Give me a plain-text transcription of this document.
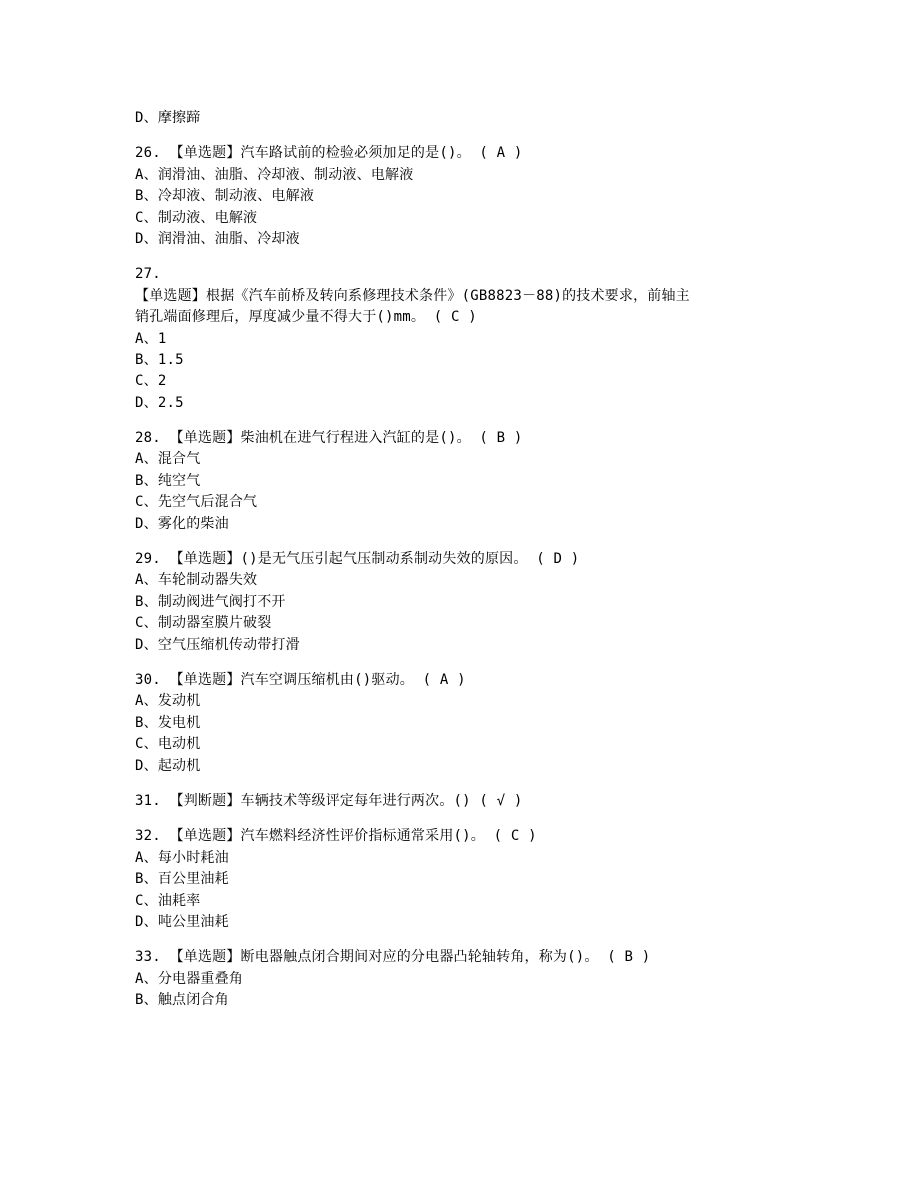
D、摩擦蹄
26. 【单选题】汽车路试前的检验必须加足的是()。 ( A )
A、润滑油、油脂、冷却液、制动液、电解液
B、冷却液、制动液、电解液
C、制动液、电解液
D、润滑油、油脂、冷却液
27.
【单选题】根据《汽车前桥及转向系修理技术条件》(GB8823－88)的技术要求，前轴主
销孔端面修理后，厚度减少量不得大于()mm。 ( C )
A、1
B、1.5
C、2
D、2.5
28. 【单选题】柴油机在进气行程进入汽缸的是()。 ( B )
A、混合气
B、纯空气
C、先空气后混合气
D、雾化的柴油
29. 【单选题】()是无气压引起气压制动系制动失效的原因。 ( D )
A、车轮制动器失效
B、制动阀进气阀打不开
C、制动器室膜片破裂
D、空气压缩机传动带打滑
30. 【单选题】汽车空调压缩机由()驱动。 ( A )
A、发动机
B、发电机
C、电动机
D、起动机
31. 【判断题】车辆技术等级评定每年进行两次。() ( √ )
32. 【单选题】汽车燃料经济性评价指标通常采用()。 ( C )
A、每小时耗油
B、百公里油耗
C、油耗率
D、吨公里油耗
33. 【单选题】断电器触点闭合期间对应的分电器凸轮轴转角，称为()。 ( B )
A、分电器重叠角
B、触点闭合角
